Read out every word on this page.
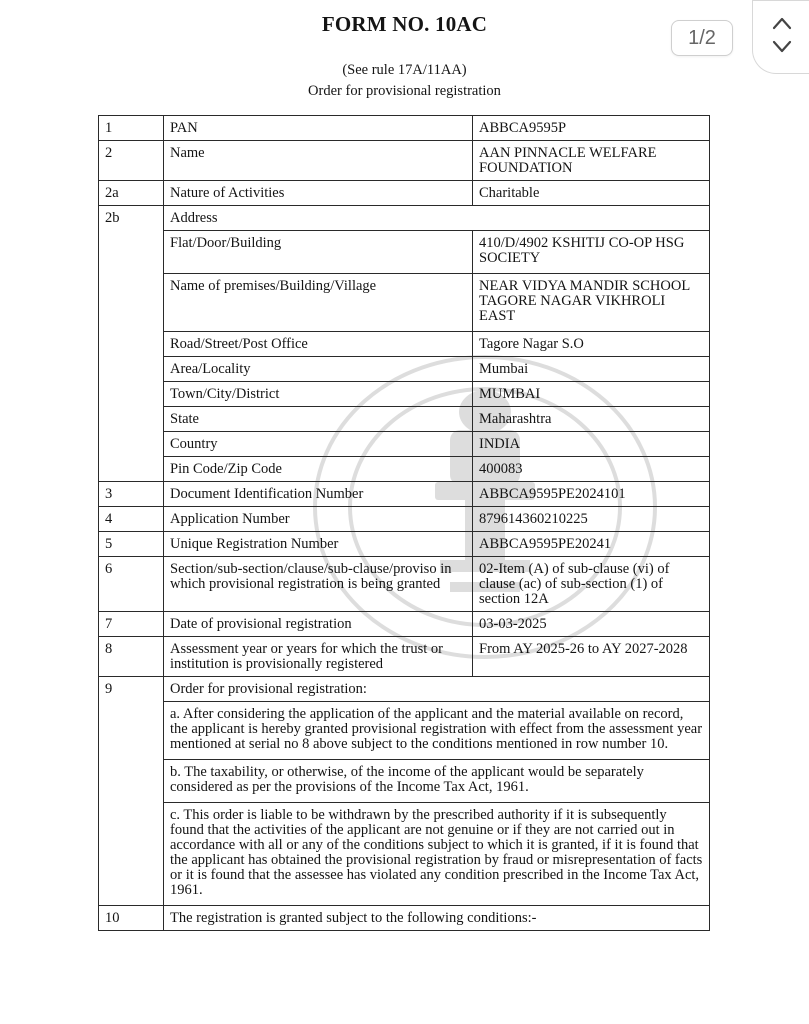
FORM NO. 10AC
(See rule 17A/11AA)
Order for provisional registration
1/2
1	PAN	ABBCA9595P
2	Name	AAN PINNACLE WELFARE FOUNDATION
2a	Nature of Activities	Charitable
2b	Address	
	Flat/Door/Building	410/D/4902 KSHITIJ CO-OP HSG SOCIETY
	Name of premises/Building/Village	NEAR VIDYA MANDIR SCHOOL TAGORE NAGAR VIKHROLI EAST
	Road/Street/Post Office	Tagore Nagar S.O
	Area/Locality	Mumbai
	Town/City/District	MUMBAI
	State	Maharashtra
	Country	INDIA
	Pin Code/Zip Code	400083
3	Document Identification Number	ABBCA9595PE2024101
4	Application Number	879614360210225
5	Unique Registration Number	ABBCA9595PE20241
6	Section/sub-section/clause/sub-clause/proviso in which provisional registration is being granted	02-Item (A) of sub-clause (vi) of clause (ac) of sub-section (1) of section 12A
7	Date of provisional registration	03-03-2025
8	Assessment year or years for which the trust or institution is provisionally registered	From AY 2025-26 to AY 2027-2028
9	Order for provisional registration:	
	a. After considering the application of the applicant and the material available on record, the applicant is hereby granted provisional registration with effect from the assessment year mentioned at serial no 8 above subject to the conditions mentioned in row number 10.	
	b. The taxability, or otherwise, of the income of the applicant would be separately considered as per the provisions of the Income Tax Act, 1961.	
	c. This order is liable to be withdrawn by the prescribed authority if it is subsequently found that the activities of the applicant are not genuine or if they are not carried out in accordance with all or any of the conditions subject to which it is granted, if it is found that the applicant has obtained the provisional registration by fraud or misrepresentation of facts or it is found that the assessee has violated any condition prescribed in the Income Tax Act, 1961.	
10	The registration is granted subject to the following conditions:-	
